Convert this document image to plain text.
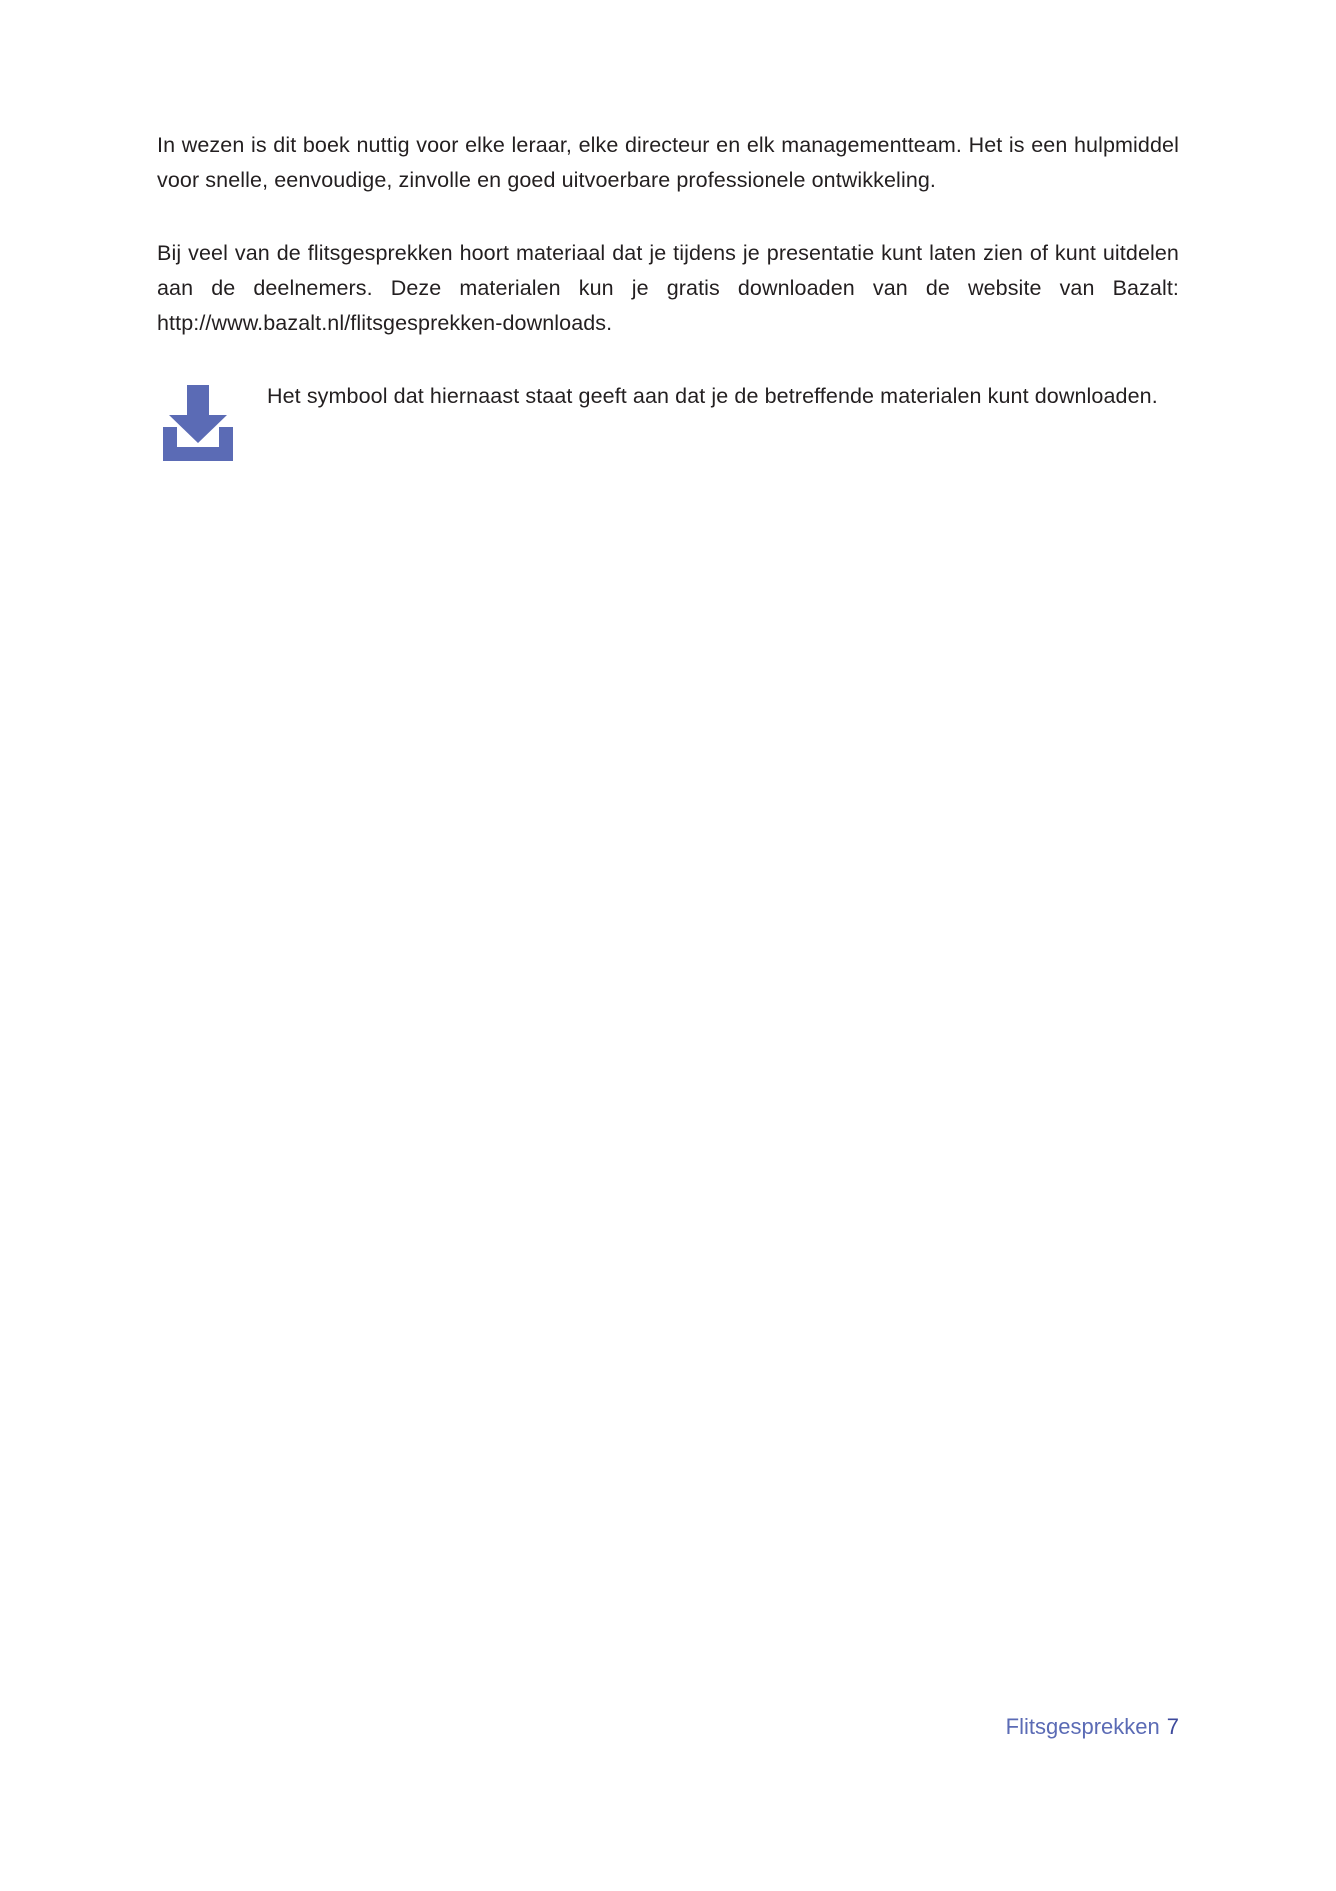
In wezen is dit boek nuttig voor elke leraar, elke directeur en elk managementteam. Het is een hulpmiddel voor snelle, eenvoudige, zinvolle en goed uitvoerbare professionele ontwikkeling.

Bij veel van de flitsgesprekken hoort materiaal dat je tijdens je presentatie kunt laten zien of kunt uitdelen aan de deelnemers. Deze materialen kun je gratis downloaden van de website van Bazalt: http://www.bazalt.nl/flitsgesprekken-downloads.

Het symbool dat hiernaast staat geeft aan dat je de betreffende materialen kunt downloaden.

Flitsgesprekken 7
